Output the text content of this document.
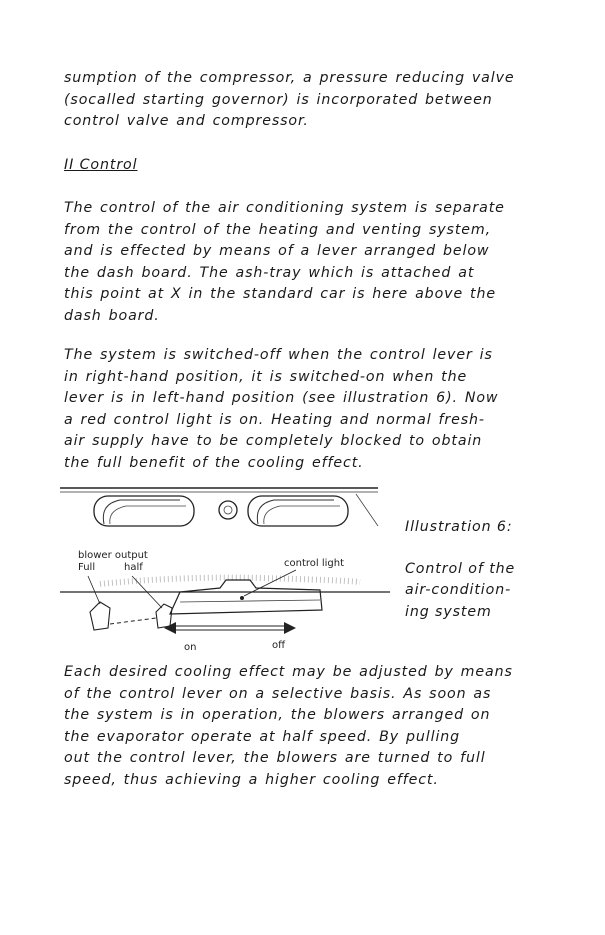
sumption of the compressor, a pressure reducing valve
(socalled starting governor) is incorporated between
control valve and compressor.
II Control
The control of the air conditioning system is separate
from the control of the heating and venting system,
and is effected by means of a lever arranged below
the dash board. The ash-tray which is attached at
this point at X in the standard car is here above the
dash board.
The system is switched-off when the control lever is
in right-hand position, it is switched-on when the
lever is in left-hand position (see illustration 6). Now
a red control light is on. Heating and normal fresh-
air supply have to be completely blocked to obtain
the full benefit of the cooling effect.
blower output
Full	half	control light
on	off
Illustration 6:
Control of the
air-condition-
ing system
Each desired cooling effect may be adjusted by means
of the control lever on a selective basis. As soon as
the system is in operation, the blowers arranged on
the evaporator operate at half speed. By pulling
out the control lever, the blowers are turned to full
speed, thus achieving a higher cooling effect.
